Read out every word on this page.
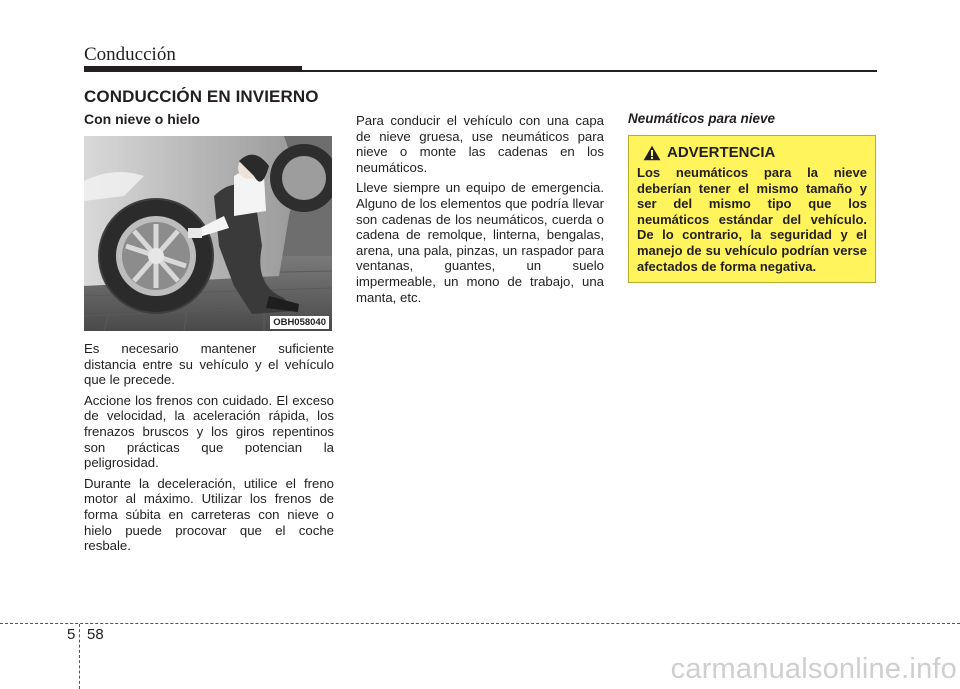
Conducción
CONDUCCIÓN EN INVIERNO
Con nieve o hielo
OBH058040

Es necesario mantener suficiente distancia entre su vehículo y el vehículo que le precede.

Accione los frenos con cuidado. El exceso de velocidad, la aceleración rápida, los frenazos bruscos y los giros repentinos son prácticas que potencian la peligrosidad.

Durante la deceleración, utilice el freno motor al máximo. Utilizar los frenos de forma súbita en carreteras con nieve o hielo puede procovar que el coche resbale.

Para conducir el vehículo con una capa de nieve gruesa, use neumáticos para nieve o monte las cadenas en los neumáticos.

Lleve siempre un equipo de emergencia. Alguno de los elementos que podría llevar son cadenas de los neumáticos, cuerda o cadena de remolque, linterna, bengalas, arena, una pala, pinzas, un raspador para ventanas, guantes, un suelo impermeable, un mono de trabajo, una manta, etc.

Neumáticos para nieve
ADVERTENCIA
Los neumáticos para la nieve deberían tener el mismo tamaño y ser del mismo tipo que los neumáticos estándar del vehículo. De lo contrario, la seguridad y el manejo de su vehículo podrían verse afectados de forma negativa.
5 58
carmanualsonline.info
